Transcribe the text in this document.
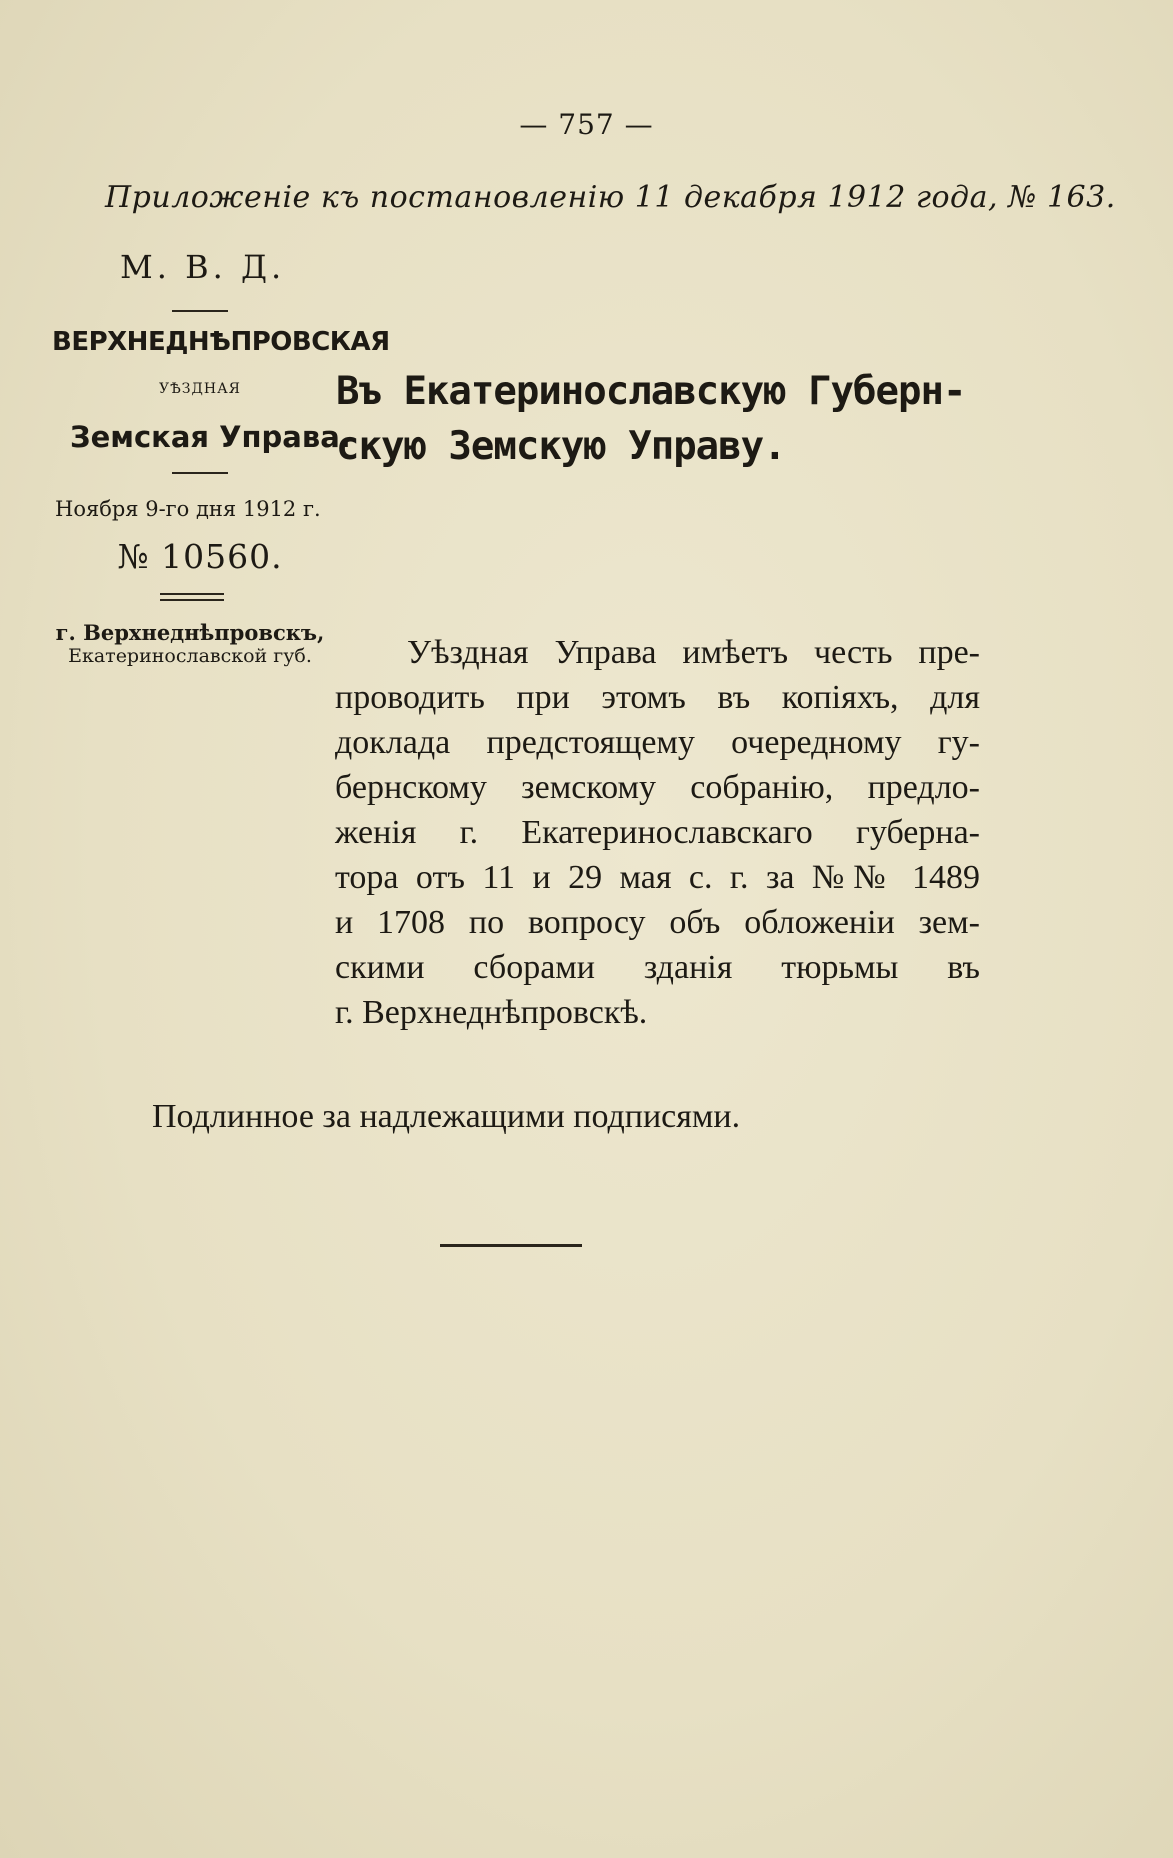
— 757 —
Приложеніе къ постановленію 11 декабря 1912 года, № 163.
М. В. Д.
ВЕРХНЕДНѢПРОВСКАЯ
УѢЗДНАЯ
Земская Управа.
Въ Екатеринославскую Губерн-
скую Земскую Управу.
Ноября 9-го дня 1912 г.
№ 10560.
г. Верхнеднѣпровскъ,
Екатеринославской губ.	Уѣздная Управа имѣетъ честь пре-
проводить при этомъ въ копіяхъ, для
доклада предстоящему очередному гу-
бернскому земскому собранію, предло-
женія г. Екатеринославскаго губерна-
тора отъ 11 и 29 мая с. г. за №№ 1489
и 1708 по вопросу объ обложеніи зем-
скими сборами зданія тюрьмы въ
г. Верхнеднѣпровскѣ.
Подлинное за надлежащими подписями.
